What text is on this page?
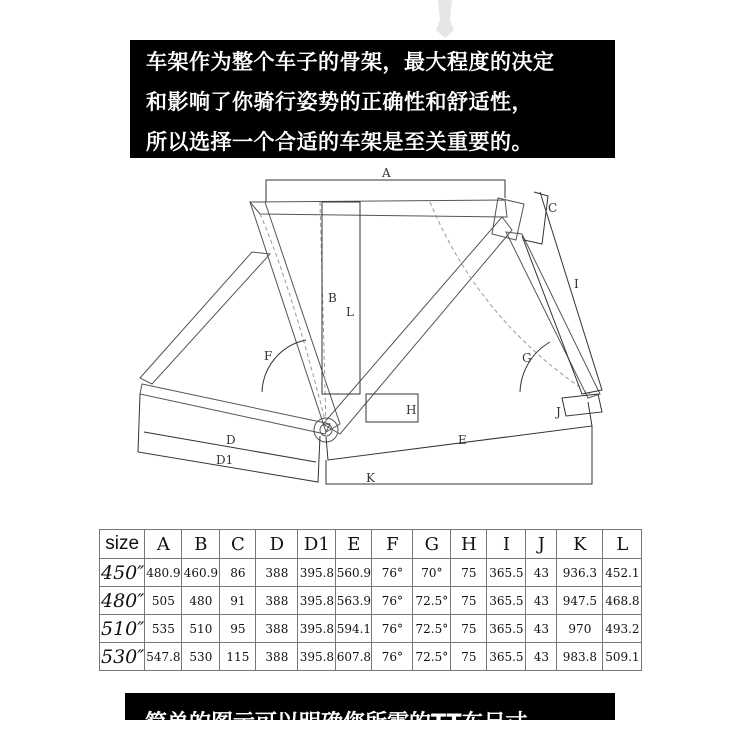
车架作为整个车子的骨架，最大程度的决定
和影响了你骑行姿势的正确性和舒适性，
所以选择一个合适的车架是至关重要的。
A
B
C
D
D1
E
F	G
H
I
J
K
L
size	A	B	C	D	D1	E	F	G	H	I	J	K	L
450″	480.9	460.9	86	388	395.8	560.9	76°	70°	75	365.5	43	936.3	452.1
480″	505	480	91	388	395.8	563.9	76°	72.5°	75	365.5	43	947.5	468.8
510″	535	510	95	388	395.8	594.1	76°	72.5°	75	365.5	43	970	493.2
530″	547.8	530	115	388	395.8	607.8	76°	72.5°	75	365.5	43	983.8	509.1
简单的图示可以明确您所需的TT车尺寸
